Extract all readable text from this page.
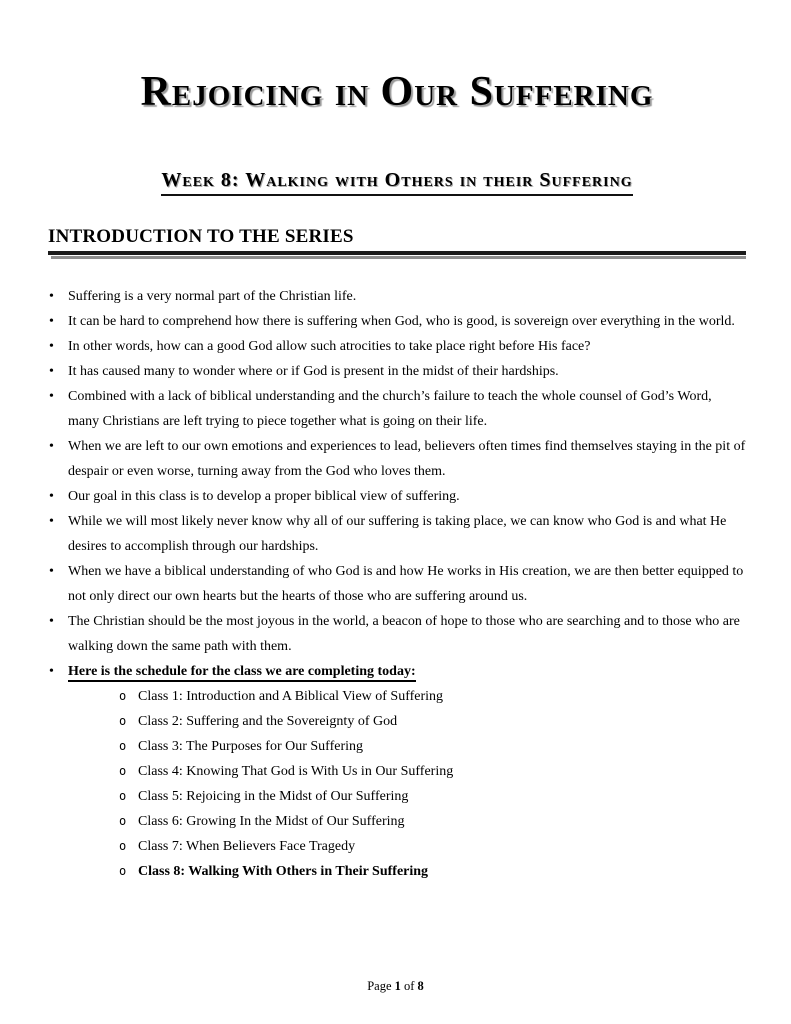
Rejoicing in Our Suffering
Week 8: Walking with Others in their Suffering
INTRODUCTION TO THE SERIES
• Suffering is a very normal part of the Christian life.
• It can be hard to comprehend how there is suffering when God, who is good, is sovereign over everything in the world.
• In other words, how can a good God allow such atrocities to take place right before His face?
• It has caused many to wonder where or if God is present in the midst of their hardships.
• Combined with a lack of biblical understanding and the church’s failure to teach the whole counsel of God’s Word, many Christians are left trying to piece together what is going on their life.
• When we are left to our own emotions and experiences to lead, believers often times find themselves staying in the pit of despair or even worse, turning away from the God who loves them.
• Our goal in this class is to develop a proper biblical view of suffering.
• While we will most likely never know why all of our suffering is taking place, we can know who God is and what He desires to accomplish through our hardships.
• When we have a biblical understanding of who God is and how He works in His creation, we are then better equipped to not only direct our own hearts but the hearts of those who are suffering around us.
• The Christian should be the most joyous in the world, a beacon of hope to those who are searching and to those who are walking down the same path with them.
• Here is the schedule for the class we are completing today:
o Class 1: Introduction and A Biblical View of Suffering
o Class 2: Suffering and the Sovereignty of God
o Class 3: The Purposes for Our Suffering
o Class 4: Knowing That God is With Us in Our Suffering
o Class 5: Rejoicing in the Midst of Our Suffering
o Class 6: Growing In the Midst of Our Suffering
o Class 7: When Believers Face Tragedy
o Class 8: Walking With Others in Their Suffering
Page 1 of 8
